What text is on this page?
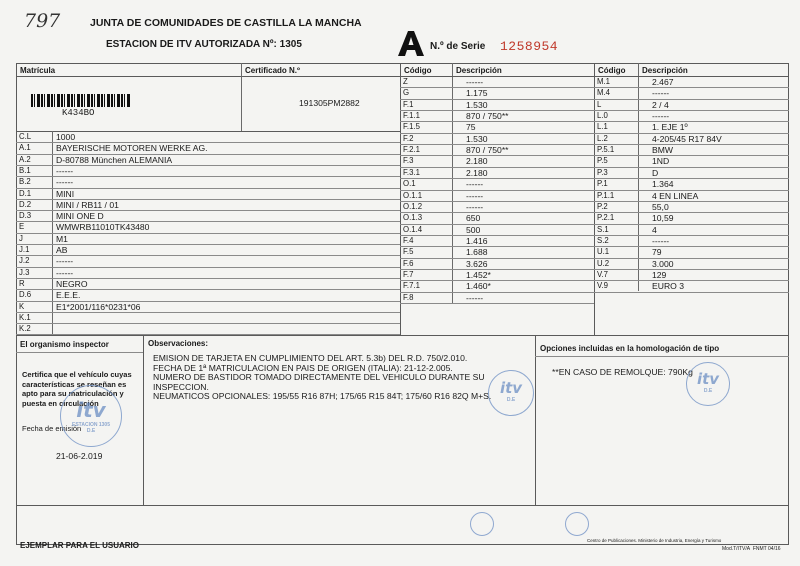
797	JUNTA DE COMUNIDADES DE CASTILLA LA MANCHA
ESTACION DE ITV AUTORIZADA Nº: 1305	N.º de Serie 1258954
Matrícula	Certificado N.º
K434BO
191305PM2882
Código	Descripción	Código Descripción
C.L	1000
A.1	BAYERISCHE MOTOREN WERKE AG.
A.2	D-80788 München ALEMANIA
B.1	------
B.2	------
D.1	MINI
D.2	MINI / RB11 / 01
D.3	MINI ONE D
E	WMWRB11010TK43480
J	M1
J.1	AB
J.2	------
J.3	------
R	NEGRO
D.6	E.E.E.
K	E1*2001/116*0231*06
K.1
K.2
Z	------
G	1.175
F.1	1.530
F.1.1	870 / 750**
F.1.5	75
F.2	1.530
F.2.1	870 / 750**
F.3	2.180
F.3.1	2.180
O.1	------
O.1.1	------
O.1.2	------
O.1.3	650
O.1.4	500
F.4	1.416
F.5	1.688
F.6	3.626
F.7	1.452*
F.7.1	1.460*
F.8	------
M.1	2.467
M.4	------
L	2 / 4
L.0	------
L.1	1. EJE 1º
L.2	4-205/45 R17 84V
P.5.1	BMW
P.5	1ND
P.3	D
P.1	1.364
P.1.1	4 EN LINEA
P.2	55,0
P.2.1	10,59
S.1	4
S.2	------
U.1	79
U.2	3.000
V.7	129
V.9	EURO 3
El organismo inspector
Certifica que el vehículo cuyas
características se reseñan es
apto para su matriculación y
puesta en circulación
Fecha de emisión
21-06-2.019
itv
ESTACION 1305
D.E
Observaciones:
EMISION DE TARJETA EN CUMPLIMIENTO DEL ART. 5.3b) DEL R.D. 750/2.010.
FECHA DE 1ª MATRICULACION EN PAIS DE ORIGEN (ITALIA): 21-12-2.005.
NUMERO DE BASTIDOR TOMADO DIRECTAMENTE DEL VEHICULO DURANTE SU
INSPECCION.
NEUMATICOS OPCIONALES: 195/55 R16 87H; 175/65 R15 84T; 175/60 R16 82Q M+S. itv
D.E
Opciones incluidas en la homologación de tipo
**EN CASO DE REMOLQUE: 790Kg itv
D.E
EJEMPLAR PARA EL USUARIO
Centro de Publicaciones. Ministerio de Industria, Energía y Turismo
Mod.T/ITV/A FNMT 04/16
